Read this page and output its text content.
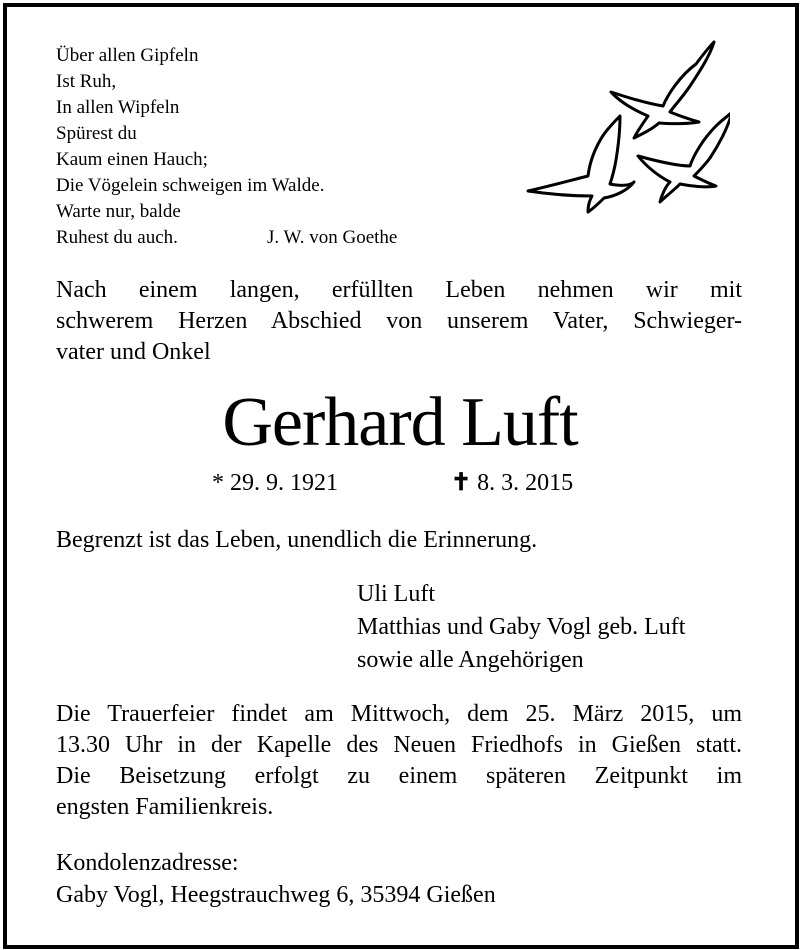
Über allen Gipfeln
Ist Ruh,
In allen Wipfeln
Spürest du
Kaum einen Hauch;
Die Vögelein schweigen im Walde.
Warte nur, balde
Ruhest du auch.	J. W. von Goethe
Nach einem langen, erfüllten Leben nehmen wir mit
schwerem Herzen Abschied von unserem Vater, Schwieger-
vater und Onkel
Gerhard Luft
* 29. 9. 1921	✝ 8. 3. 2015
Begrenzt ist das Leben, unendlich die Erinnerung.
Uli Luft
Matthias und Gaby Vogl geb. Luft
sowie alle Angehörigen
Die Trauerfeier findet am Mittwoch, dem 25. März 2015, um
13.30 Uhr in der Kapelle des Neuen Friedhofs in Gießen statt.
Die Beisetzung erfolgt zu einem späteren Zeitpunkt im
engsten Familienkreis.
Kondolenzadresse:
Gaby Vogl, Heegstrauchweg 6, 35394 Gießen
